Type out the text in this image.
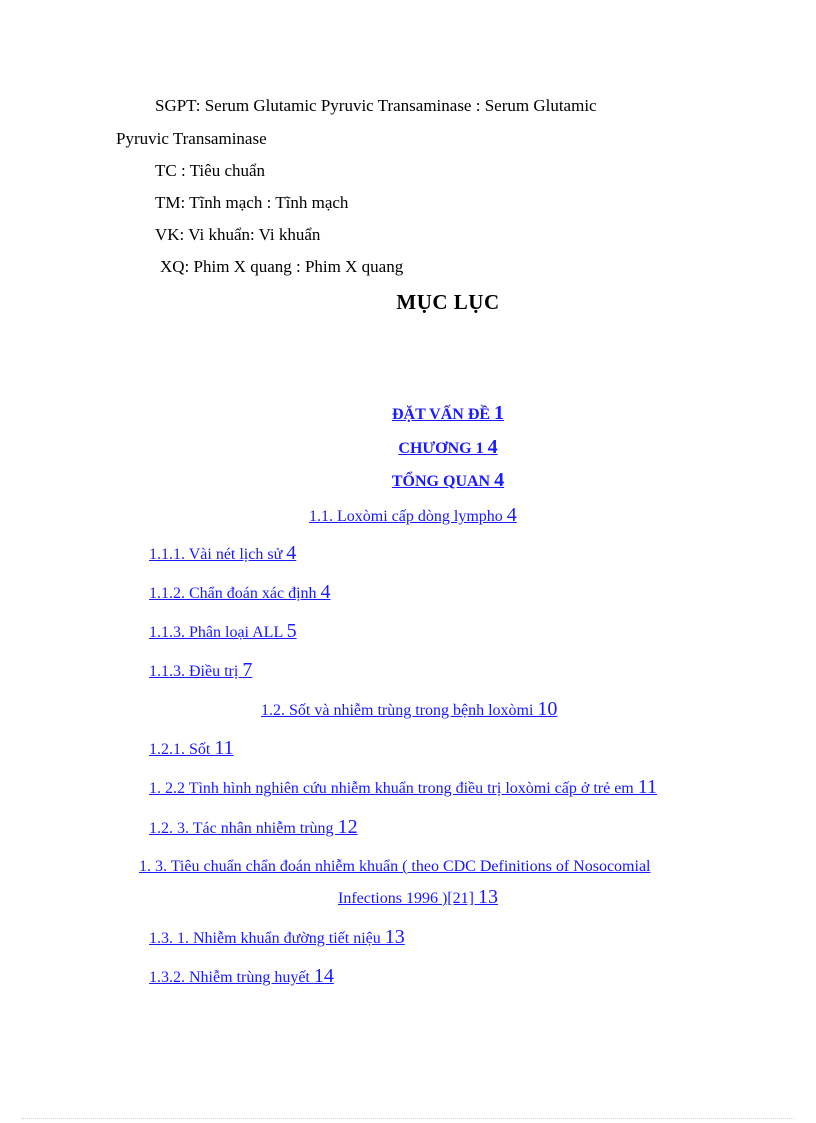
SGPT: Serum Glutamic Pyruvic Transaminase : Serum Glutamic
Pyruvic Transaminase
TC : Tiêu chuẩn
TM: Tĩnh mạch : Tĩnh mạch
VK: Vi khuẩn: Vi khuẩn
XQ: Phim X quang : Phim X quang
MỤC LỤC
ĐẶT VẤN ĐỀ 1
CHƯƠNG 1 4
TỔNG QUAN 4
1.1. Loxòmi cấp dòng lympho 4
1.1.1. Vài nét lịch sử 4
1.1.2. Chẩn đoán xác định 4
1.1.3. Phân loại ALL 5
1.1.3. Điều trị 7
1.2. Sốt và nhiễm trùng trong bệnh loxòmi 10
1.2.1. Sốt 11
1. 2.2 Tình hình nghiên cứu nhiễm khuẩn trong điều trị loxòmi cấp ở trẻ em 11
1.2. 3. Tác nhân nhiễm trùng 12
1. 3. Tiêu chuẩn chẩn đoán nhiễm khuẩn ( theo CDC Definitions of Nosocomial
Infections 1996 )[21] 13
1.3. 1. Nhiễm khuẩn đường tiết niệu 13
1.3.2. Nhiễm trùng huyết 14
